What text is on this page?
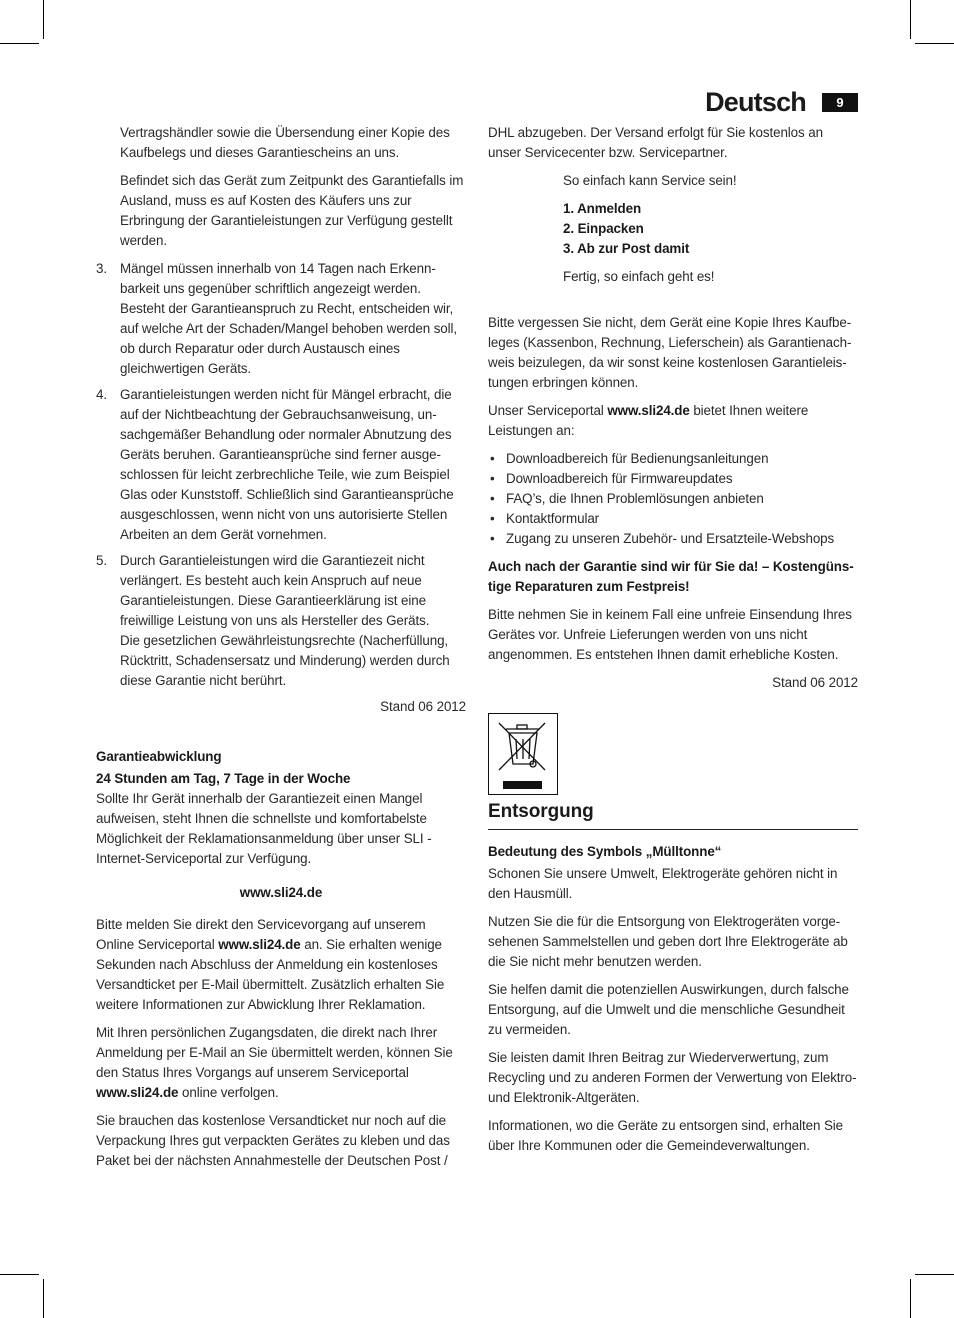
Deutsch	9

Vertragshändler sowie die Übersendung einer Kopie des Kaufbelegs und dieses Garantiescheins an uns.

Befindet sich das Gerät zum Zeitpunkt des Garantiefalls im Ausland, muss es auf Kosten des Käufers uns zur Erbringung der Garantieleistungen zur Verfügung gestellt werden.

3. Mängel müssen innerhalb von 14 Tagen nach Erkennbarkeit uns gegenüber schriftlich angezeigt werden. Besteht der Garantieanspruch zu Recht, entscheiden wir, auf welche Art der Schaden/Mangel behoben werden soll, ob durch Reparatur oder durch Austausch eines gleichwertigen Geräts.
4. Garantieleistungen werden nicht für Mängel erbracht, die auf der Nichtbeachtung der Gebrauchsanweisung, unsachgemäßer Behandlung oder normaler Abnutzung des Geräts beruhen. Garantieansprüche sind ferner ausgeschlossen für leicht zerbrechliche Teile, wie zum Beispiel Glas oder Kunststoff. Schließlich sind Garantieansprüche ausgeschlossen, wenn nicht von uns autorisierte Stellen Arbeiten an dem Gerät vornehmen.
5. Durch Garantieleistungen wird die Garantiezeit nicht verlängert. Es besteht auch kein Anspruch auf neue Garantieleistungen. Diese Garantieerklärung ist eine freiwillige Leistung von uns als Hersteller des Geräts.
Die gesetzlichen Gewährleistungsrechte (Nacherfüllung, Rücktritt, Schadensersatz und Minderung) werden durch diese Garantie nicht berührt.

Stand 06 2012

Garantieabwicklung
24 Stunden am Tag, 7 Tage in der Woche

Sollte Ihr Gerät innerhalb der Garantiezeit einen Mangel aufweisen, steht Ihnen die schnellste und komfortabelste Möglichkeit der Reklamationsanmeldung über unser SLI - Internet-Serviceportal zur Verfügung.

www.sli24.de

Bitte melden Sie direkt den Servicevorgang auf unserem Online Serviceportal www.sli24.de an. Sie erhalten wenige Sekunden nach Abschluss der Anmeldung ein kostenloses Versandticket per E-Mail übermittelt. Zusätzlich erhalten Sie weitere Informationen zur Abwicklung Ihrer Reklamation.

Mit Ihren persönlichen Zugangsdaten, die direkt nach Ihrer Anmeldung per E-Mail an Sie übermittelt werden, können Sie den Status Ihres Vorgangs auf unserem Serviceportal www.sli24.de online verfolgen.

Sie brauchen das kostenlose Versandticket nur noch auf die Verpackung Ihres gut verpackten Gerätes zu kleben und das Paket bei der nächsten Annahmestelle der Deutschen Post /

DHL abzugeben. Der Versand erfolgt für Sie kostenlos an unser Servicecenter bzw. Servicepartner.

So einfach kann Service sein!

1. Anmelden
2. Einpacken
3. Ab zur Post damit

Fertig, so einfach geht es!

Bitte vergessen Sie nicht, dem Gerät eine Kopie Ihres Kaufbeleges (Kassenbon, Rechnung, Lieferschein) als Garantienachweis beizulegen, da wir sonst keine kostenlosen Garantieleistungen erbringen können.

Unser Serviceportal www.sli24.de bietet Ihnen weitere Leistungen an:

• Downloadbereich für Bedienungsanleitungen
• Downloadbereich für Firmwareupdates
• FAQ’s, die Ihnen Problemlösungen anbieten
• Kontaktformular
• Zugang zu unseren Zubehör- und Ersatzteile-Webshops

Auch nach der Garantie sind wir für Sie da! – Kostengünstige Reparaturen zum Festpreis!

Bitte nehmen Sie in keinem Fall eine unfreie Einsendung Ihres Gerätes vor. Unfreie Lieferungen werden von uns nicht angenommen. Es entstehen Ihnen damit erhebliche Kosten.

Stand 06 2012

Entsorgung
Bedeutung des Symbols „Mülltonne“

Schonen Sie unsere Umwelt, Elektrogeräte gehören nicht in den Hausmüll.

Nutzen Sie die für die Entsorgung von Elektrogeräten vorgesehenen Sammelstellen und geben dort Ihre Elektrogeräte ab die Sie nicht mehr benutzen werden.

Sie helfen damit die potenziellen Auswirkungen, durch falsche Entsorgung, auf die Umwelt und die menschliche Gesundheit zu vermeiden.

Sie leisten damit Ihren Beitrag zur Wiederverwertung, zum Recycling und zu anderen Formen der Verwertung von Elektro- und Elektronik-Altgeräten.

Informationen, wo die Geräte zu entsorgen sind, erhalten Sie über Ihre Kommunen oder die Gemeindeverwaltungen.
